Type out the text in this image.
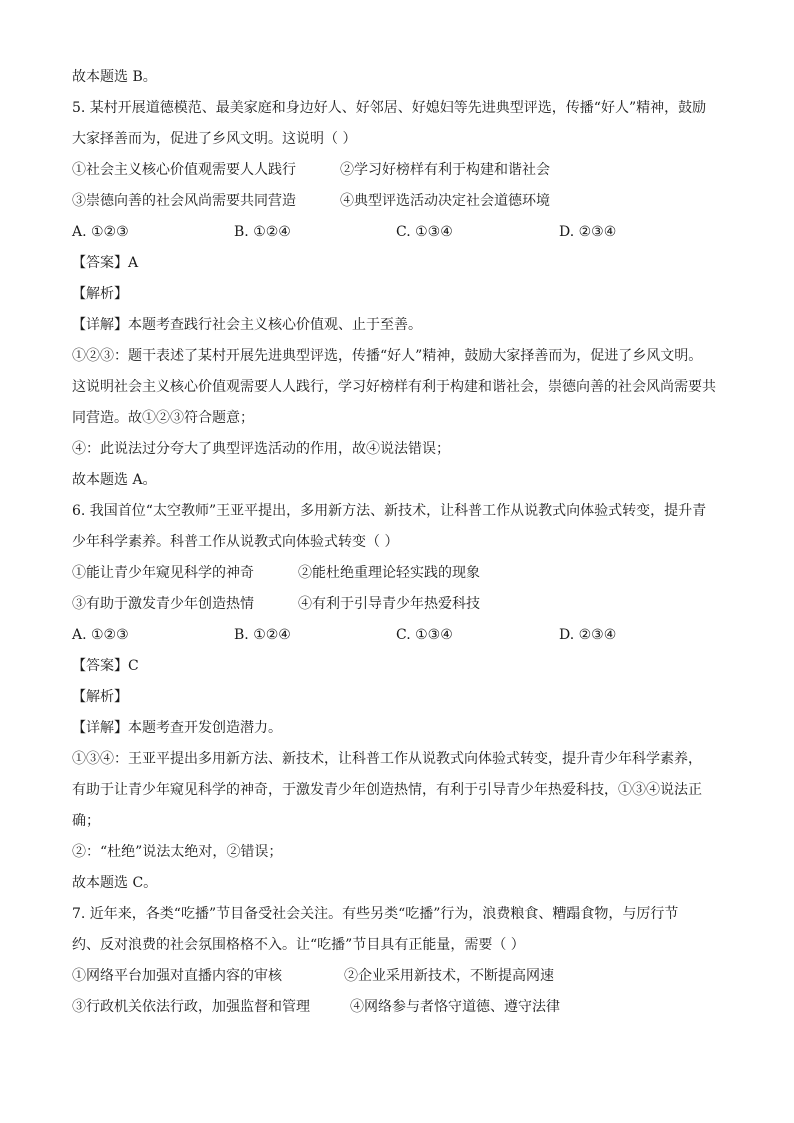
故本题选 B。
5. 某村开展道德模范、最美家庭和身边好人、好邻居、好媳妇等先进典型评选，传播“好人”精神，鼓励
大家择善而为，促进了乡风文明。这说明（ ）
①社会主义核心价值观需要人人践行	②学习好榜样有利于构建和谐社会
③崇德向善的社会风尚需要共同营造	④典型评选活动决定社会道德环境
A. ①②③	B. ①②④	C. ①③④	D. ②③④
【答案】A
【解析】
【详解】本题考查践行社会主义核心价值观、止于至善。
①②③：题干表述了某村开展先进典型评选，传播“好人”精神，鼓励大家择善而为，促进了乡风文明。
这说明社会主义核心价值观需要人人践行，学习好榜样有利于构建和谐社会，崇德向善的社会风尚需要共
同营造。故①②③符合题意；
④：此说法过分夸大了典型评选活动的作用，故④说法错误；
故本题选 A。
6. 我国首位“太空教师”王亚平提出，多用新方法、新技术，让科普工作从说教式向体验式转变，提升青
少年科学素养。科普工作从说教式向体验式转变（ ）
①能让青少年窥见科学的神奇	②能杜绝重理论轻实践的现象
③有助于激发青少年创造热情	④有利于引导青少年热爱科技
A. ①②③	B. ①②④	C. ①③④	D. ②③④
【答案】C
【解析】
【详解】本题考查开发创造潜力。
①③④：王亚平提出多用新方法、新技术，让科普工作从说教式向体验式转变，提升青少年科学素养，
有助于让青少年窥见科学的神奇，于激发青少年创造热情，有利于引导青少年热爱科技，①③④说法正
确；
②：“杜绝”说法太绝对，②错误；
故本题选 C。
7. 近年来，各类“吃播”节目备受社会关注。有些另类“吃播”行为，浪费粮食、糟蹋食物，与厉行节
约、反对浪费的社会氛围格格不入。让“吃播”节目具有正能量，需要（ ）
①网络平台加强对直播内容的审核	②企业采用新技术，不断提高网速
③行政机关依法行政，加强监督和管理	④网络参与者恪守道德、遵守法律
